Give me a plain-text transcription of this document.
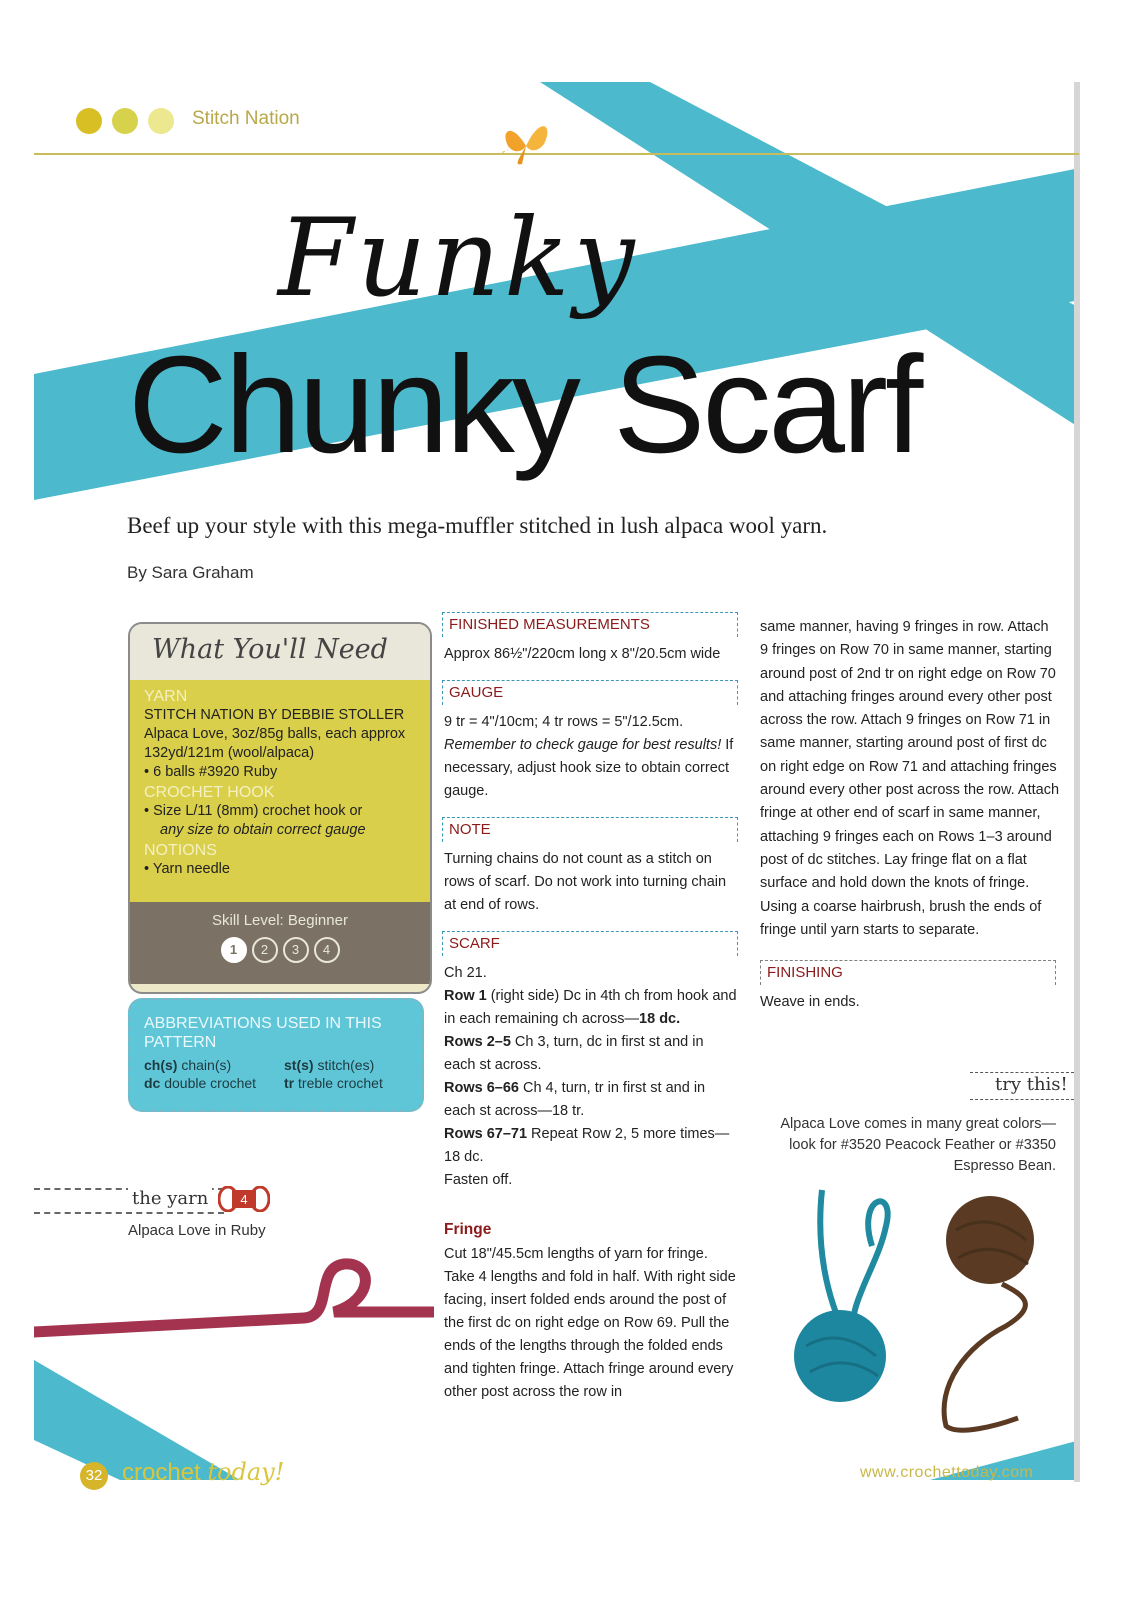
Stitch Nation
Funky
Chunky Scarf
Beef up your style with this mega-muffler stitched in lush alpaca wool yarn.
By Sara Graham
What You'll Need
YARN
STITCH NATION BY DEBBIE STOLLER
Alpaca Love, 3oz/85g balls, each approx 132yd/121m (wool/alpaca)
• 6 balls #3920 Ruby
CROCHET HOOK
• Size L/11 (8mm) crochet hook or
any size to obtain correct gauge
NOTIONS
• Yarn needle
Skill Level: Beginner
1	2	3	4
ABBREVIATIONS USED IN THIS PATTERN
ch(s) chain(s)	st(s) stitch(es)
dc double crochet	tr treble crochet
the yarn	4
Alpaca Love in Ruby
FINISHED MEASUREMENTS
Approx 86½"/220cm long x 8"/20.5cm wide
GAUGE
9 tr = 4"/10cm; 4 tr rows = 5"/12.5cm.
Remember to check gauge for best results! If necessary, adjust hook size to obtain correct gauge.
NOTE
Turning chains do not count as a stitch on rows of scarf. Do not work into turning chain at end of rows.
SCARF
Ch 21.
Row 1 (right side) Dc in 4th ch from hook and in each remaining ch across—18 dc.
Rows 2–5 Ch 3, turn, dc in first st and in each st across.
Rows 6–66 Ch 4, turn, tr in first st and in each st across—18 tr.
Rows 67–71 Repeat Row 2, 5 more times—18 dc.
Fasten off.
Fringe
Cut 18"/45.5cm lengths of yarn for fringe. Take 4 lengths and fold in half. With right side facing, insert folded ends around the post of the first dc on right edge on Row 69. Pull the ends of the lengths through the folded ends and tighten fringe. Attach fringe around every other post across the row in
same manner, having 9 fringes in row. Attach 9 fringes on Row 70 in same manner, starting around post of 2nd tr on right edge on Row 70 and attaching fringes around every other post across the row. Attach 9 fringes on Row 71 in same manner, starting around post of first dc on right edge on Row 71 and attaching fringes around every other post across the row. Attach fringe at other end of scarf in same manner, attaching 9 fringes each on Rows 1–3 around post of dc stitches. Lay fringe flat on a flat surface and hold down the knots of fringe. Using a coarse hairbrush, brush the ends of fringe until yarn starts to separate.
FINISHING
Weave in ends.
try this!
Alpaca Love comes in many great colors—look for #3520 Peacock Feather or #3350 Espresso Bean.
32 crochet today!	www.crochettoday.com
